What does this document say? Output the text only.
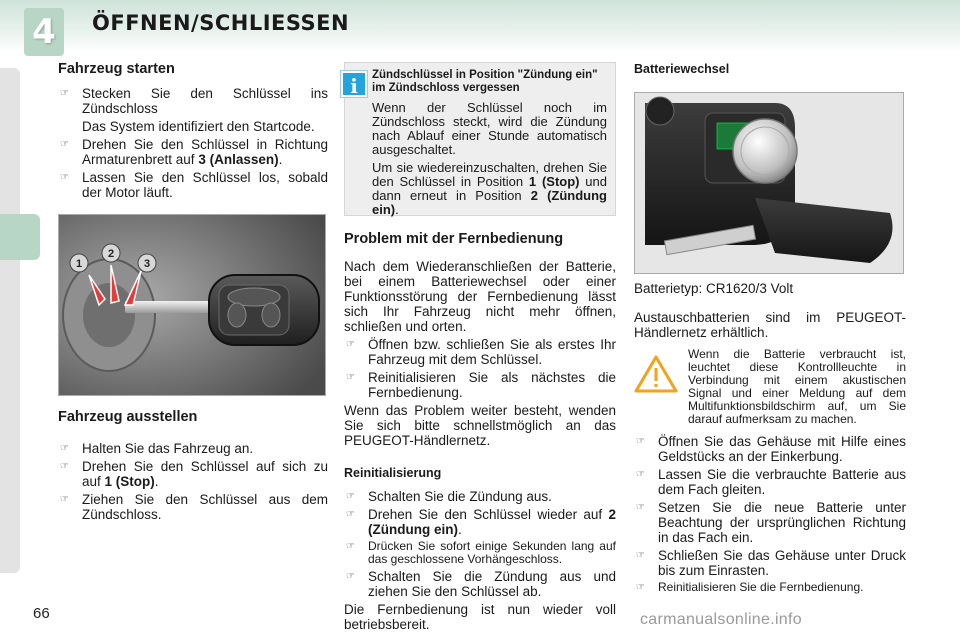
4	ÖFFNEN/SCHLIESSEN
Fahrzeug starten
☞ Stecken Sie den Schlüssel ins Zündschloss
Das System identifiziert den Startcode.
☞ Drehen Sie den Schlüssel in Richtung Armaturenbrett auf 3 (Anlassen).
☞ Lassen Sie den Schlüssel los, sobald der Motor läuft.
1
2
3
Fahrzeug ausstellen
☞ Halten Sie das Fahrzeug an.
☞ Drehen Sie den Schlüssel auf sich zu auf 1 (Stop).
☞ Ziehen Sie den Schlüssel aus dem Zündschloss.
i	Zündschlüssel in Position "Zündung ein" im Zündschloss vergessen
Wenn der Schlüssel noch im Zündschloss steckt, wird die Zündung nach Ablauf einer Stunde automatisch ausgeschaltet.
Um sie wiedereinzuschalten, drehen Sie den Schlüssel in Position 1 (Stop) und dann erneut in Position 2 (Zündung ein).
Problem mit der Fernbedienung
Nach dem Wiederanschließen der Batterie, bei einem Batteriewechsel oder einer Funktionsstörung der Fernbedienung lässt sich Ihr Fahrzeug nicht mehr öffnen, schließen und orten.
☞ Öffnen bzw. schließen Sie als erstes Ihr Fahrzeug mit dem Schlüssel.
☞ Reinitialisieren Sie als nächstes die Fernbedienung.
Wenn das Problem weiter besteht, wenden Sie sich bitte schnellstmöglich an das PEUGEOT-Händlernetz.
Reinitialisierung
☞ Schalten Sie die Zündung aus.
☞ Drehen Sie den Schlüssel wieder auf 2 (Zündung ein).
☞ Drücken Sie sofort einige Sekunden lang auf das geschlossene Vorhängeschloss.
☞ Schalten Sie die Zündung aus und ziehen Sie den Schlüssel ab.
Die Fernbedienung ist nun wieder voll betriebsbereit.
Batteriewechsel
Batterietyp: CR1620/3 Volt
Austauschbatterien sind im PEUGEOT-Händlernetz erhältlich.
Wenn die Batterie verbraucht ist, leuchtet diese Kontrollleuchte in Verbindung mit einem akustischen Signal und einer Meldung auf dem Multifunktionsbildschirm auf, um Sie darauf aufmerksam zu machen.
☞ Öffnen Sie das Gehäuse mit Hilfe eines Geldstücks an der Einkerbung.
☞ Lassen Sie die verbrauchte Batterie aus dem Fach gleiten.
☞ Setzen Sie die neue Batterie unter Beachtung der ursprünglichen Richtung in das Fach ein.
☞ Schließen Sie das Gehäuse unter Druck bis zum Einrasten.
☞ Reinitialisieren Sie die Fernbedienung.
66	carmanualsonline.info
